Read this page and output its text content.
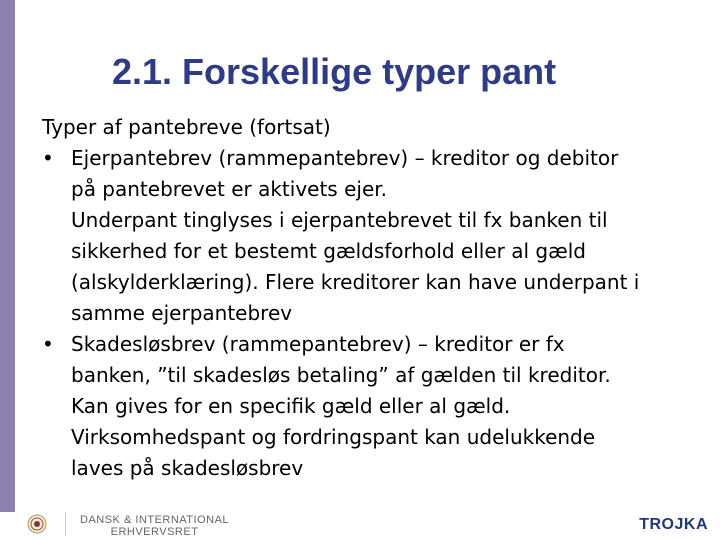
2.1. Forskellige typer pant

Typer af pantebreve (fortsat)

• Ejerpantebrev (rammepantebrev) – kreditor og debitor
på pantebrevet er aktivets ejer.
Underpant tinglyses i ejerpantebrevet til fx banken til
sikkerhed for et bestemt gældsforhold eller al gæld
(alskylderklæring). Flere kreditorer kan have underpant i
samme ejerpantebrev
• Skadesløsbrev (rammepantebrev) – kreditor er fx
banken, ”til skadesløs betaling” af gælden til kreditor.
Kan gives for en specifik gæld eller al gæld.
Virksomhedspant og fordringspant kan udelukkende
laves på skadesløsbrev
DANSK & INTERNATIONAL
ERHVERVSRET	TROJKA
